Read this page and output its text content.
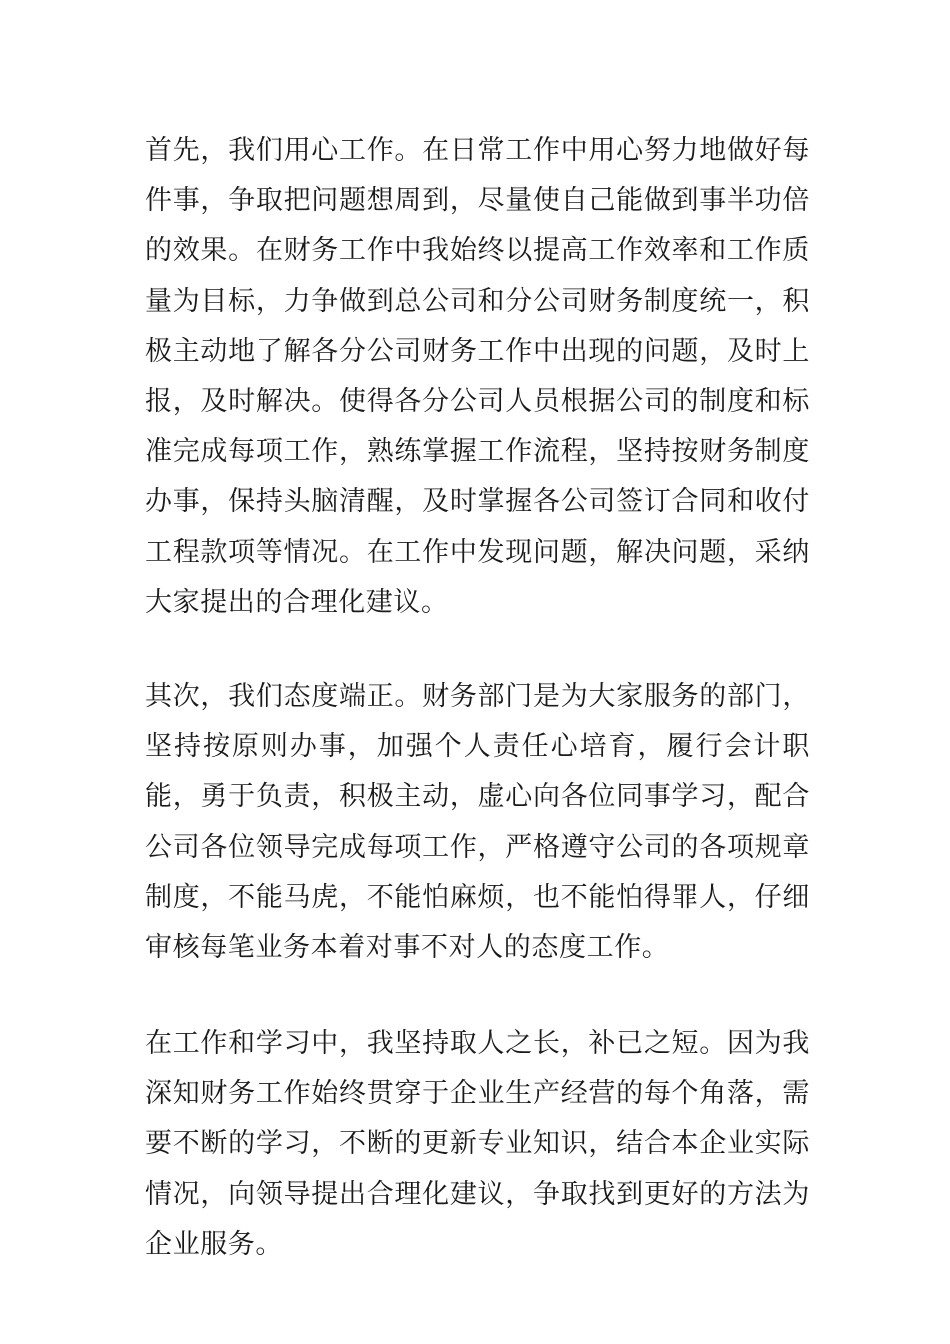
首先，我们用心工作。在日常工作中用心努力地做好每件事，争取把问题想周到，尽量使自己能做到事半功倍的效果。在财务工作中我始终以提高工作效率和工作质量为目标，力争做到总公司和分公司财务制度统一，积极主动地了解各分公司财务工作中出现的问题，及时上报，及时解决。使得各分公司人员根据公司的制度和标准完成每项工作，熟练掌握工作流程，坚持按财务制度办事，保持头脑清醒，及时掌握各公司签订合同和收付工程款项等情况。在工作中发现问题，解决问题，采纳大家提出的合理化建议。

其次，我们态度端正。财务部门是为大家服务的部门，坚持按原则办事，加强个人责任心培育，履行会计职能，勇于负责，积极主动，虚心向各位同事学习，配合公司各位领导完成每项工作，严格遵守公司的各项规章制度，不能马虎，不能怕麻烦，也不能怕得罪人，仔细审核每笔业务本着对事不对人的态度工作。

在工作和学习中，我坚持取人之长，补已之短。因为我深知财务工作始终贯穿于企业生产经营的每个角落，需要不断的学习，不断的更新专业知识，结合本企业实际情况，向领导提出合理化建议，争取找到更好的方法为企业服务。
